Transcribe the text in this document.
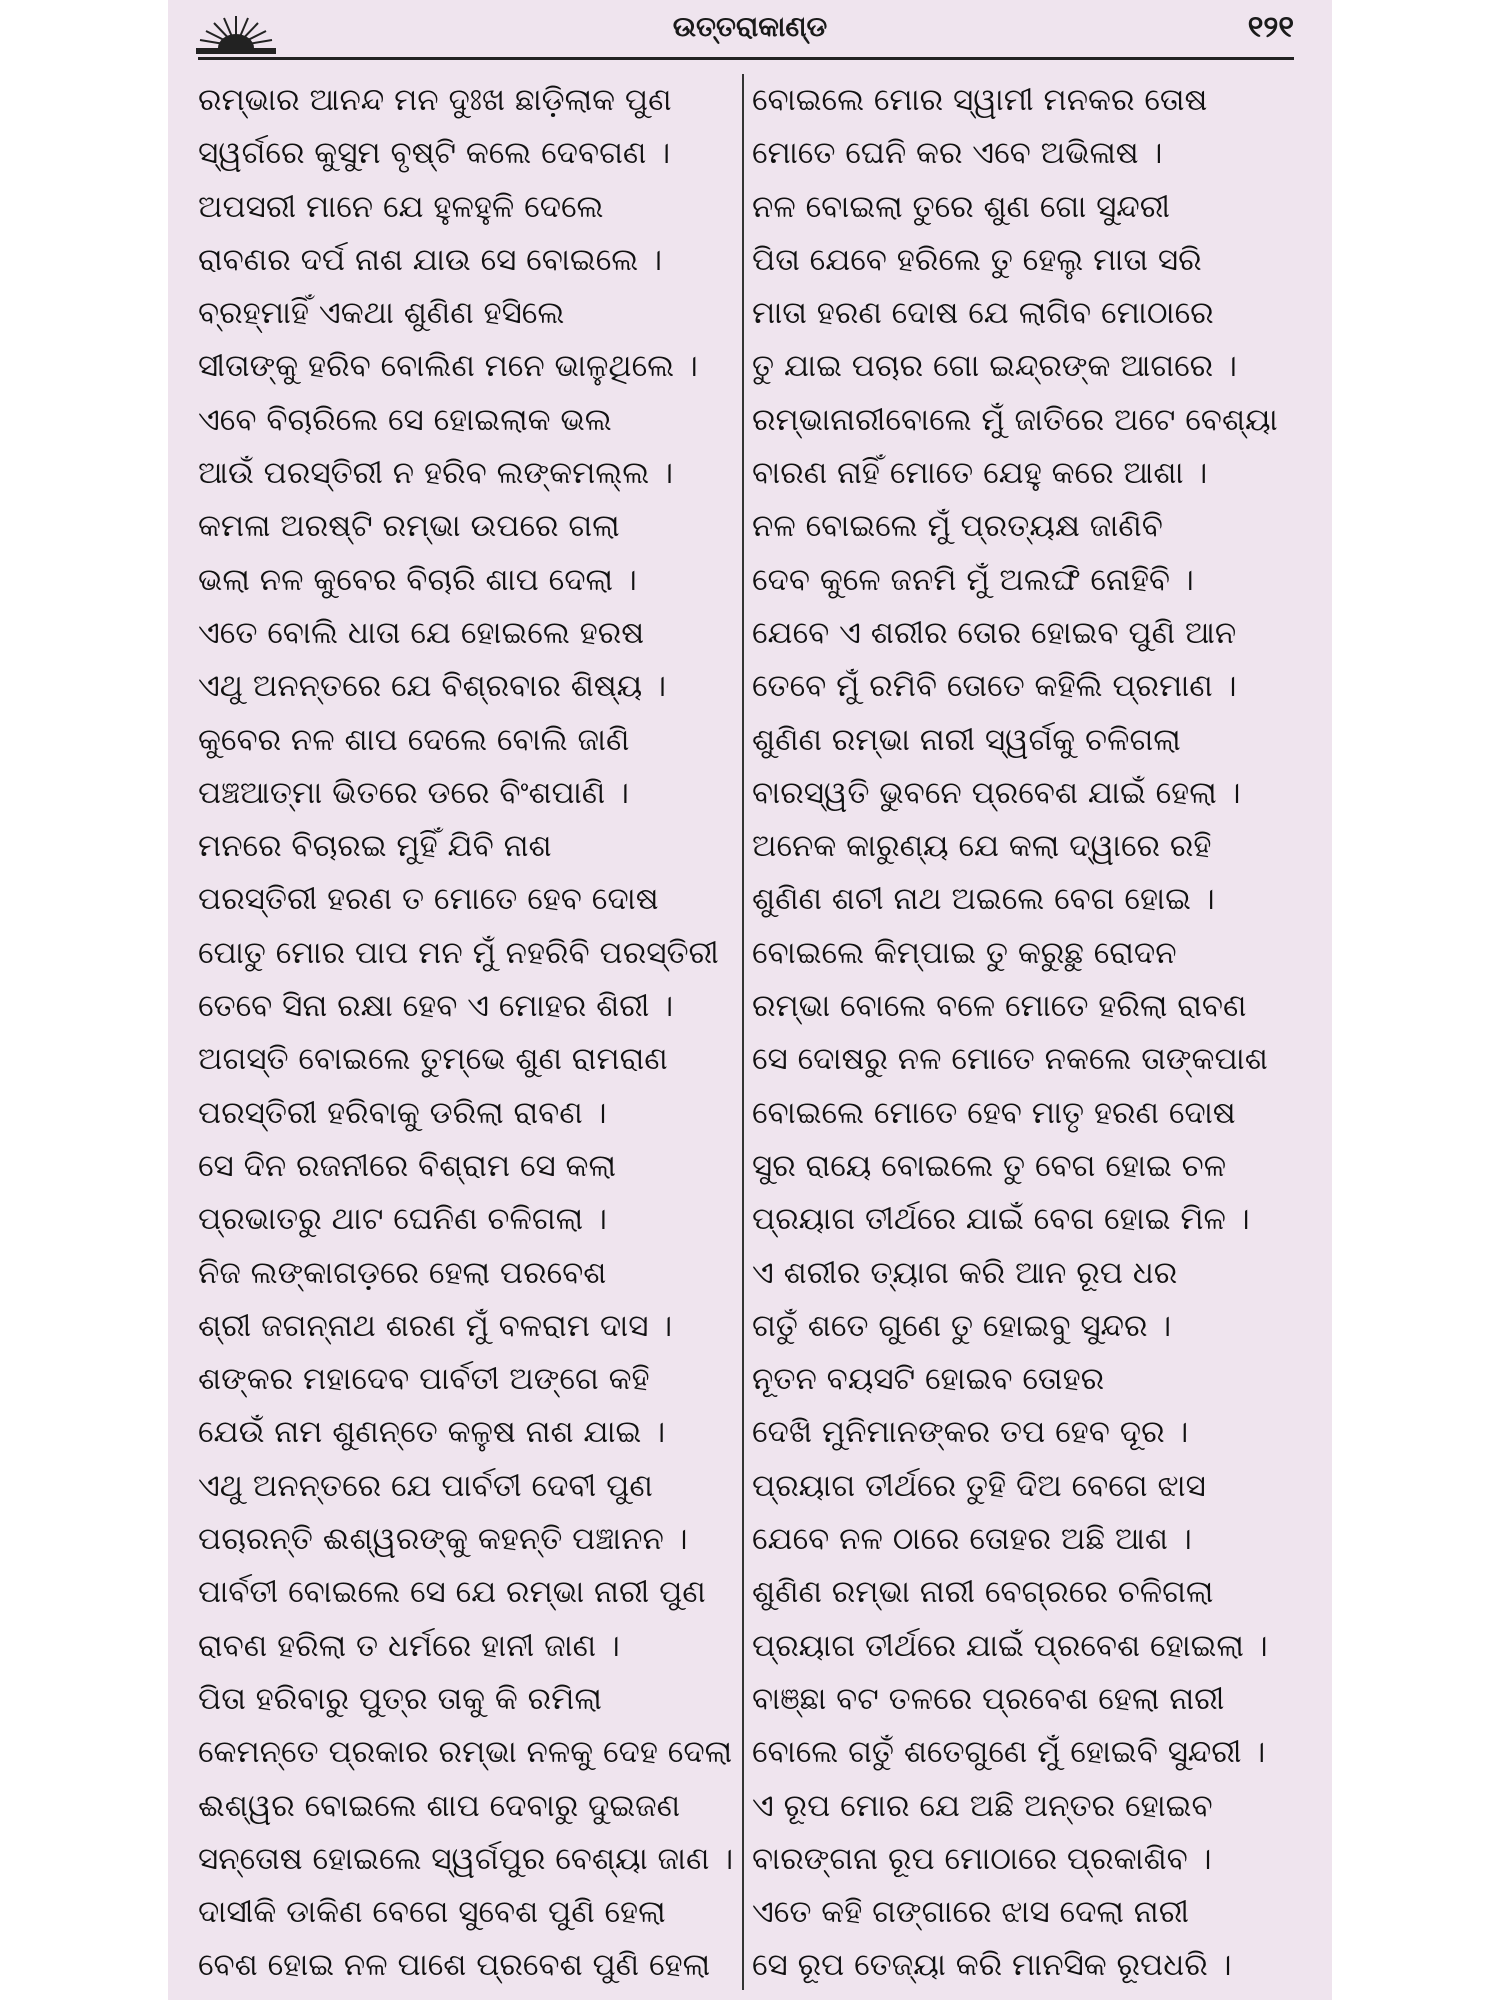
ଉତ୍ତରାକାଣ୍ଡ	୧୨୧
ରମ୍ଭାର ଆନନ୍ଦ ମନ ଦୁଃଖ ଛାଡ଼ିଲାକ ପୁଣ
ସ୍ୱର୍ଗରେ କୁସୁମ ବୃଷ୍ଟି କଲେ ଦେବଗଣ ।
ଅପସରୀ ମାନେ ଯେ ହୁଳହୁଳି ଦେଲେ
ରାବଣର ଦର୍ପ ନାଶ ଯାଉ ସେ ବୋଇଲେ ।
ବ୍ରହ୍ମାହିଁ ଏକଥା ଶୁଣିଣ ହସିଲେ
ସୀତାଙ୍କୁ ହରିବ ବୋଲିଣ ମନେ ଭାଳୁଥିଲେ ।
ଏବେ ବିଚାରିଲେ ସେ ହୋଇଲାକ ଭଲ
ଆଉଁ ପରସ୍ତିରୀ ନ ହରିବ ଲଙ୍କମଲ୍ଲ ।
କମଳା ଅରଷ୍ଟି ରମ୍ଭା ଉପରେ ଗଲା
ଭଲା ନଳ କୁବେର ବିଚାରି ଶାପ ଦେଲା ।
ଏତେ ବୋଲି ଧାତା ଯେ ହୋଇଲେ ହରଷ
ଏଥୁ ଅନନ୍ତରେ ଯେ ବିଶ୍ରବାର ଶିଷ୍ୟ ।
କୁବେର ନଳ ଶାପ ଦେଲେ ବୋଲି ଜାଣି
ପଞ୍ଚଆତ୍ମା ଭିତରେ ଡରେ ବିଂଶପାଣି ।
ମନରେ ବିଚାରଇ ମୁହିଁ ଯିବି ନାଶ
ପରସ୍ତିରୀ ହରଣ ତ ମୋତେ ହେବ ଦୋଷ
ପୋତୁ ମୋର ପାପ ମନ ମୁଁ ନହରିବି ପରସ୍ତିରୀ
ତେବେ ସିନା ରକ୍ଷା ହେବ ଏ ମୋହର ଶିରୀ ।
ଅଗସ୍ତି ବୋଇଲେ ତୁମ୍ଭେ ଶୁଣ ରାମରାଣ
ପରସ୍ତିରୀ ହରିବାକୁ ଡରିଲା ରାବଣ ।
ସେ ଦିନ ରଜନୀରେ ବିଶ୍ରାମ ସେ କଲା
ପ୍ରଭାତରୁ ଥାଟ ଘେନିଣ ଚଳିଗଲା ।
ନିଜ ଲଙ୍କାଗଡ଼ରେ ହେଲା ପରବେଶ
ଶ୍ରୀ ଜଗନ୍ନାଥ ଶରଣ ମୁଁ ବଳରାମ ଦାସ ।
ଶଙ୍କର ମହାଦେବ ପାର୍ବତୀ ଅଙ୍ଗେ କହି
ଯେଉଁ ନାମ ଶୁଣନ୍ତେ କଳୁଷ ନାଶ ଯାଇ ।
ଏଥୁ ଅନନ୍ତରେ ଯେ ପାର୍ବତୀ ଦେବୀ ପୁଣ
ପଚାରନ୍ତି ଈଶ୍ୱରଙ୍କୁ କହନ୍ତି ପଞ୍ଚାନନ ।
ପାର୍ବତୀ ବୋଇଲେ ସେ ଯେ ରମ୍ଭା ନାରୀ ପୁଣ
ରାବଣ ହରିଲା ତ ଧର୍ମରେ ହାନୀ ଜାଣ ।
ପିତା ହରିବାରୁ ପୁତ୍ର ତାକୁ କି ରମିଲା
କେମନ୍ତେ ପ୍ରକାର ରମ୍ଭା ନଳକୁ ଦେହ ଦେଲା
ଈଶ୍ୱର ବୋଇଲେ ଶାପ ଦେବାରୁ ଦୁଇଜଣ
ସନ୍ତୋଷ ହୋଇଲେ ସ୍ୱର୍ଗପୁର ବେଶ୍ୟା ଜାଣ ।
ଦାସୀକି ଡାକିଣ ବେଗେ ସୁବେଶ ପୁଣି ହେଲା
ବେଶ ହୋଇ ନଳ ପାଶେ ପ୍ରବେଶ ପୁଣି ହେଲା
ବୋଇଲେ ମୋର ସ୍ୱାମୀ ମନକର ତୋଷ
ମୋତେ ଘେନି କର ଏବେ ଅଭିଳାଷ ।
ନଳ ବୋଇଲା ତୁରେ ଶୁଣ ଗୋ ସୁନ୍ଦରୀ
ପିତା ଯେବେ ହରିଲେ ତୁ ହେଲୁ ମାତା ସରି
ମାତା ହରଣ ଦୋଷ ଯେ ଲାଗିବ ମୋଠାରେ
ତୁ ଯାଇ ପଚାର ଗୋ ଇନ୍ଦ୍ରଙ୍କ ଆଗରେ ।
ରମ୍ଭାନାରୀବୋଲେ ମୁଁ ଜାତିରେ ଅଟେ ବେଶ୍ୟା
ବାରଣ ନାହିଁ ମୋତେ ଯେହୁ କରେ ଆଶା ।
ନଳ ବୋଇଲେ ମୁଁ ପ୍ରତ୍ୟକ୍ଷ ଜାଣିବି
ଦେବ କୁଳେ ଜନମି ମୁଁ ଅଲଙ୍ଘି ନୋହିବି ।
ଯେବେ ଏ ଶରୀର ତୋର ହୋଇବ ପୁଣି ଆନ
ତେବେ ମୁଁ ରମିବି ତୋତେ କହିଲି ପ୍ରମାଣ ।
ଶୁଣିଣ ରମ୍ଭା ନାରୀ ସ୍ୱର୍ଗକୁ ଚଳିଗଲା
ବାରସ୍ୱତି ଭୁବନେ ପ୍ରବେଶ ଯାଇଁ ହେଲା ।
ଅନେକ କାରୁଣ୍ୟ ଯେ କଲା ଦ୍ୱାରେ ରହି
ଶୁଣିଣ ଶଚୀ ନାଥ ଅଇଲେ ବେଗ ହୋଇ ।
ବୋଇଲେ କିମ୍ପାଇ ତୁ କରୁଛୁ ରୋଦନ
ରମ୍ଭା ବୋଲେ ବଳେ ମୋତେ ହରିଲା ରାବଣ
ସେ ଦୋଷରୁ ନଳ ମୋତେ ନକଲେ ତାଙ୍କପାଶ
ବୋଇଲେ ମୋତେ ହେବ ମାତୃ ହରଣ ଦୋଷ
ସୁର ରାୟେ ବୋଇଲେ ତୁ ବେଗ ହୋଇ ଚଳ
ପ୍ରୟାଗ ତୀର୍ଥରେ ଯାଇଁ ବେଗ ହୋଇ ମିଳ ।
ଏ ଶରୀର ତ୍ୟାଗ କରି ଆନ ରୂପ ଧର
ଗତୁଁ ଶତେ ଗୁଣେ ତୁ ହୋଇବୁ ସୁନ୍ଦର ।
ନୂତନ ବୟସଟି ହୋଇବ ତୋହର
ଦେଖି ମୁନିମାନଙ୍କର ତପ ହେବ ଦୂର ।
ପ୍ରୟାଗ ତୀର୍ଥରେ ତୁହି ଦିଅ ବେଗେ ଝାସ
ଯେବେ ନଳ ଠାରେ ତୋହର ଅଛି ଆଶ ।
ଶୁଣିଣ ରମ୍ଭା ନାରୀ ବେଗ୍ରରେ ଚଳିଗଲା
ପ୍ରୟାଗ ତୀର୍ଥରେ ଯାଇଁ ପ୍ରବେଶ ହୋଇଲା ।
ବାଞ୍ଛା ବଟ ତଳରେ ପ୍ରବେଶ ହେଲା ନାରୀ
ବୋଲେ ଗତୁଁ ଶତେଗୁଣେ ମୁଁ ହୋଇବି ସୁନ୍ଦରୀ ।
ଏ ରୂପ ମୋର ଯେ ଅଛି ଅନ୍ତର ହୋଇବ
ବାରଙ୍ଗନା ରୂପ ମୋଠାରେ ପ୍ରକାଶିବ ।
ଏତେ କହି ଗଙ୍ଗାରେ ଝାସ ଦେଲା ନାରୀ
ସେ ରୂପ ତେଜ୍ୟା କରି ମାନସିକ ରୂପଧରି ।
